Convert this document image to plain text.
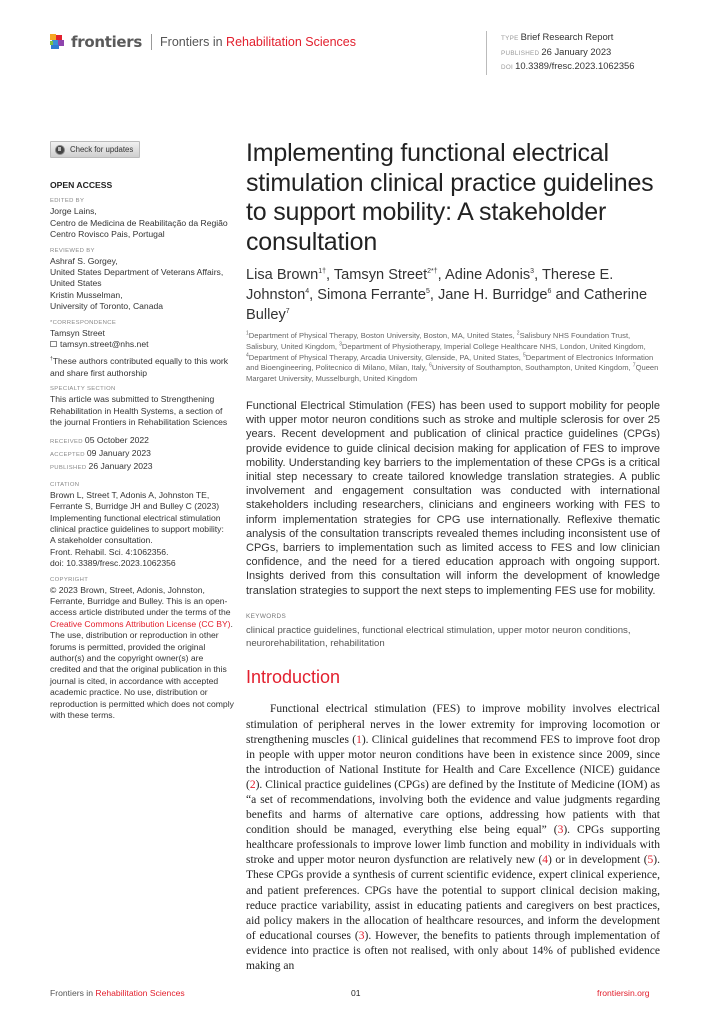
frontiers Frontiers in Rehabilitation Sciences	TYPE Brief Research Report
PUBLISHED 26 January 2023
DOI 10.3389/fresc.2023.1062356
Check for updates
OPEN ACCESS
EDITED BY
Jorge Lains,
Centro de Medicina de Reabilitação da Região
Centro Rovisco Pais, Portugal
REVIEWED BY
Ashraf S. Gorgey,
United States Department of Veterans Affairs,
United States
Kristin Musselman,
University of Toronto, Canada
*CORRESPONDENCE
Tamsyn Street
tamsyn.street@nhs.net
†These authors contributed equally to this work and share first authorship
SPECIALTY SECTION
This article was submitted to Strengthening Rehabilitation in Health Systems, a section of the journal Frontiers in Rehabilitation Sciences
RECEIVED 05 October 2022
ACCEPTED 09 January 2023
PUBLISHED 26 January 2023
CITATION
Brown L, Street T, Adonis A, Johnston TE,
Ferrante S, Burridge JH and Bulley C (2023)
Implementing functional electrical stimulation
clinical practice guidelines to support mobility:
A stakeholder consultation.
Front. Rehabil. Sci. 4:1062356.
doi: 10.3389/fresc.2023.1062356
COPYRIGHT
© 2023 Brown, Street, Adonis, Johnston, Ferrante, Burridge and Bulley. This is an open-access article distributed under the terms of the Creative Commons Attribution License (CC BY). The use, distribution or reproduction in other forums is permitted, provided the original author(s) and the copyright owner(s) are credited and that the original publication in this journal is cited, in accordance with accepted academic practice. No use, distribution or reproduction is permitted which does not comply with these terms.
Implementing functional electrical stimulation clinical practice guidelines to support mobility: A stakeholder consultation
Lisa Brown$^{1\dagger}$, Tamsyn Street$^{2*\dagger}$, Adine Adonis$^3$, Therese E. Johnston$^4$, Simona Ferrante$^5$, Jane H. Burridge$^6$ and Catherine Bulley$^7$
$^1$Department of Physical Therapy, Boston University, Boston, MA, United States, $^2$Salisbury NHS Foundation Trust, Salisbury, United Kingdom, $^3$Department of Physiotherapy, Imperial College Healthcare NHS, London, United Kingdom, $^4$Department of Physical Therapy, Arcadia University, Glenside, PA, United States, $^5$Department of Electronics Information and Bioengineering, Politecnico di Milano, Milan, Italy, $^6$University of Southampton, Southampton, United Kingdom, $^7$Queen Margaret University, Musselburgh, United Kingdom
Functional Electrical Stimulation (FES) has been used to support mobility for people with upper motor neuron conditions such as stroke and multiple sclerosis for over 25 years. Recent development and publication of clinical practice guidelines (CPGs) provide evidence to guide clinical decision making for application of FES to improve mobility. Understanding key barriers to the implementation of these CPGs is a critical initial step necessary to create tailored knowledge translation strategies. A public involvement and engagement consultation was conducted with international stakeholders including researchers, clinicians and engineers working with FES to inform implementation strategies for CPG use internationally. Reflexive thematic analysis of the consultation transcripts revealed themes including inconsistent use of CPGs, barriers to implementation such as limited access to FES and low clinician confidence, and the need for a tiered education approach with ongoing support. Insights derived from this consultation will inform the development of knowledge translation strategies to support the next steps to implementing FES use for mobility.
KEYWORDS
clinical practice guidelines, functional electrical stimulation, upper motor neuron conditions, neurorehabilitation, rehabilitation
Introduction
Functional electrical stimulation (FES) to improve mobility involves electrical stimulation of peripheral nerves in the lower extremity for improving locomotion or strengthening muscles (1). Clinical guidelines that recommend FES to improve foot drop in people with upper motor neuron conditions have been in existence since 2009, since the introduction of National Institute for Health and Care Excellence (NICE) guidance (2). Clinical practice guidelines (CPGs) are defined by the Institute of Medicine (IOM) as “a set of recommendations, involving both the evidence and value judgments regarding benefits and harms of alternative care options, addressing how patients with that condition should be managed, everything else being equal” (3). CPGs supporting healthcare professionals to improve lower limb function and mobility in individuals with stroke and upper motor neuron dysfunction are relatively new (4) or in development (5). These CPGs provide a synthesis of current scientific evidence, expert clinical experience, and patient preferences. CPGs have the potential to support clinical decision making, reduce practice variability, assist in educating patients and caregivers on best practices, aid policy makers in the allocation of healthcare resources, and inform the development of educational courses (3). However, the benefits to patients through implementation of evidence into practice is often not realised, with only about 14% of published evidence making an
Frontiers in Rehabilitation Sciences	01	frontiersin.org
